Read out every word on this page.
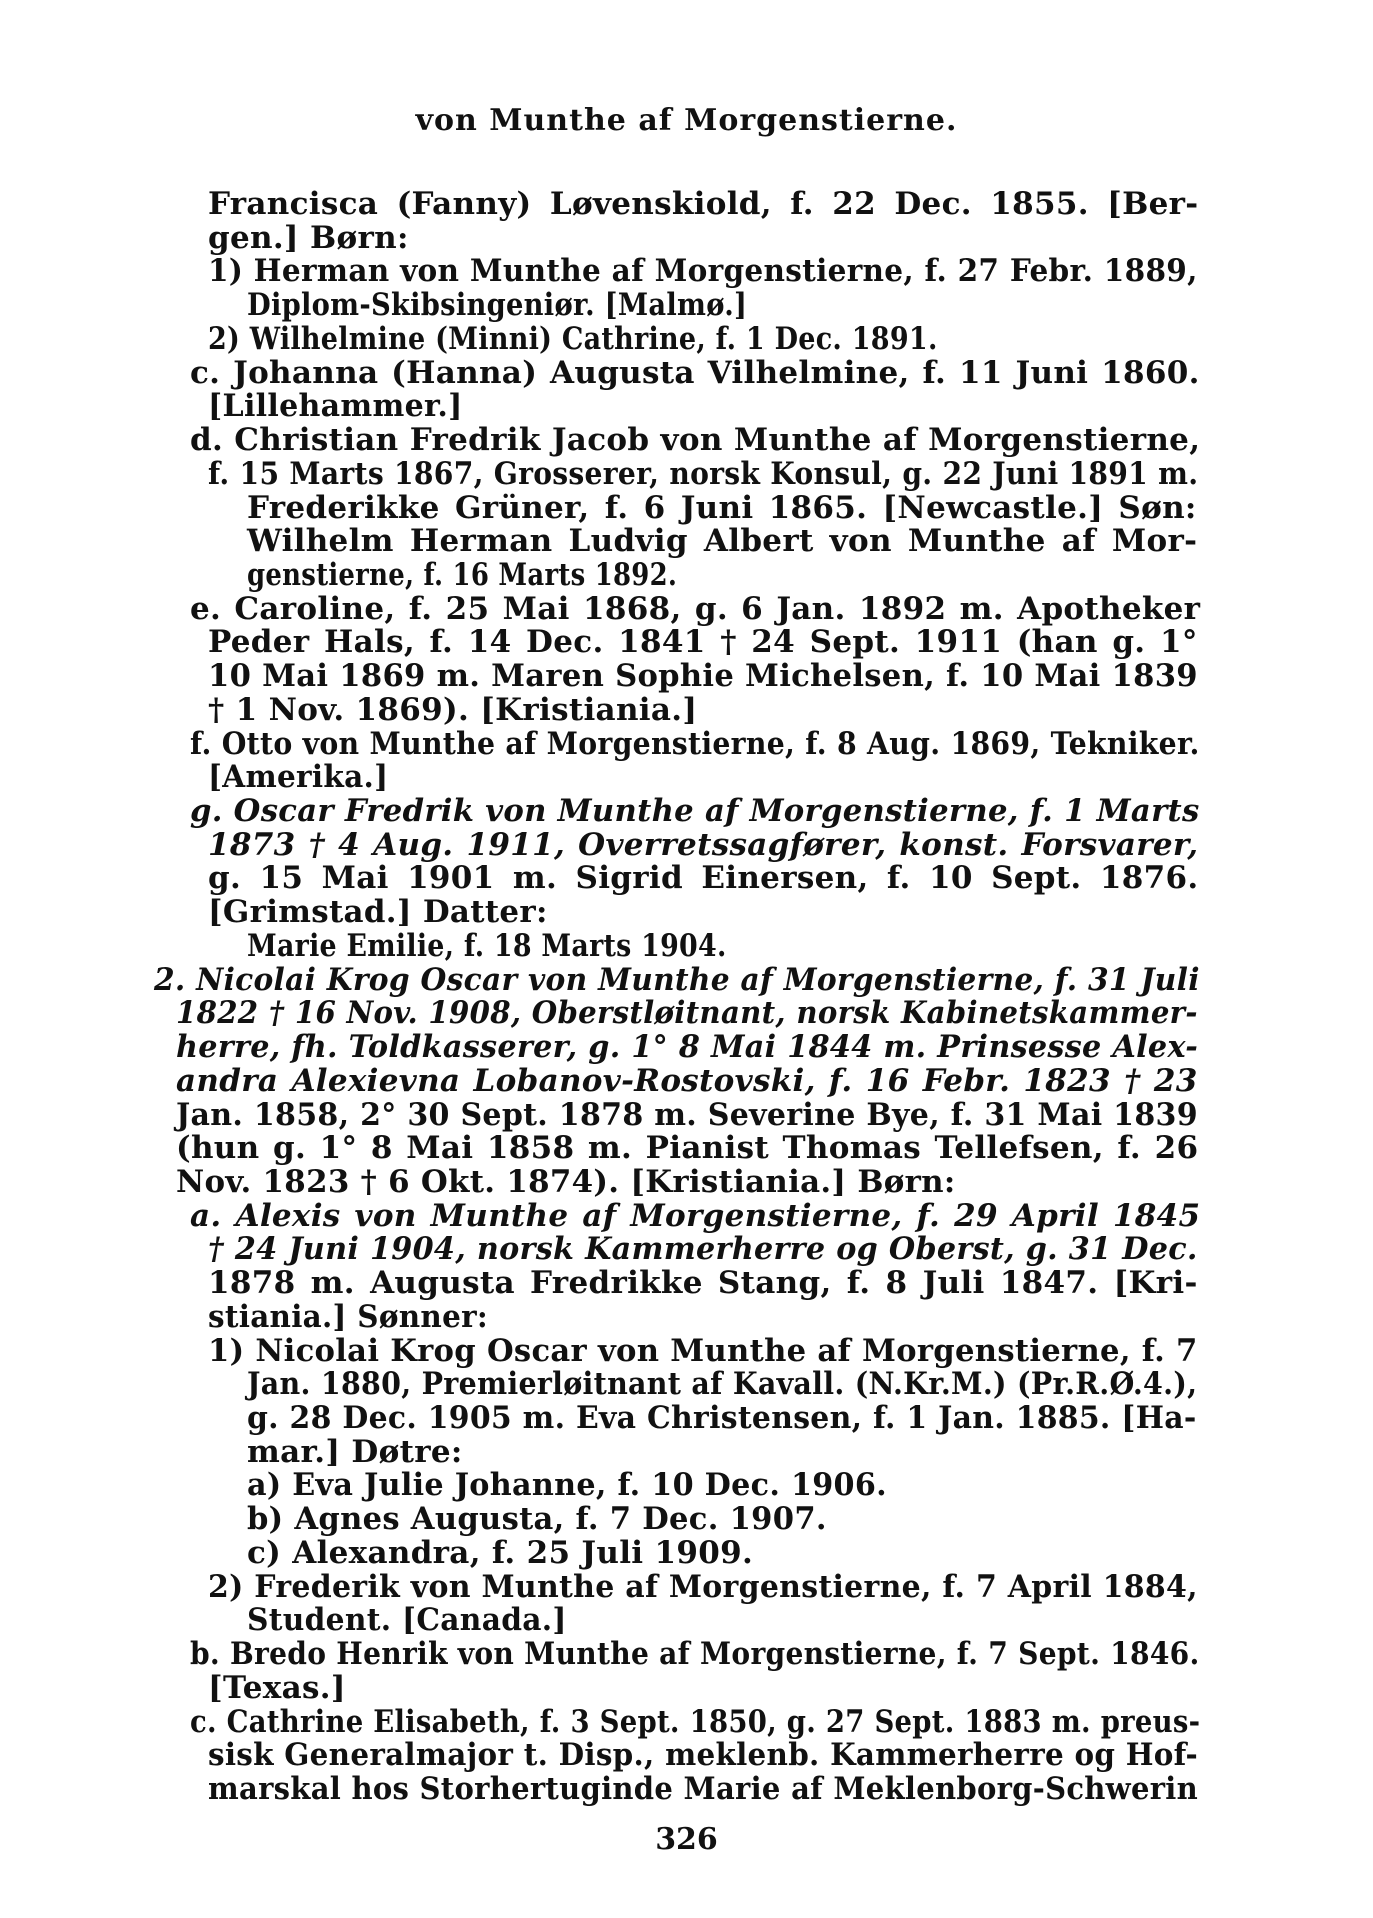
von Munthe af Morgenstierne.
Francisca (Fanny) Løvenskiold, f. 22 Dec. 1855. [Ber-
gen.] Børn:
1) Herman von Munthe af Morgenstierne, f. 27 Febr. 1889,
Diplom-Skibsingeniør. [Malmø.]
2) Wilhelmine (Minni) Cathrine, f. 1 Dec. 1891.
c. Johanna (Hanna) Augusta Vilhelmine, f. 11 Juni 1860.
[Lillehammer.]
d. Christian Fredrik Jacob von Munthe af Morgenstierne,
f. 15 Marts 1867, Grosserer, norsk Konsul, g. 22 Juni 1891 m.
Frederikke Grüner, f. 6 Juni 1865. [Newcastle.] Søn:
Wilhelm Herman Ludvig Albert von Munthe af Mor-
genstierne, f. 16 Marts 1892.
e. Caroline, f. 25 Mai 1868, g. 6 Jan. 1892 m. Apotheker
Peder Hals, f. 14 Dec. 1841 † 24 Sept. 1911 (han g. 1°
10 Mai 1869 m. Maren Sophie Michelsen, f. 10 Mai 1839
† 1 Nov. 1869). [Kristiania.]
f. Otto von Munthe af Morgenstierne, f. 8 Aug. 1869, Tekniker.
[Amerika.]
g. Oscar Fredrik von Munthe af Morgenstierne, f. 1 Marts
1873 † 4 Aug. 1911, Overretssagfører, konst. Forsvarer,
g. 15 Mai 1901 m. Sigrid Einersen, f. 10 Sept. 1876.
[Grimstad.] Datter:
Marie Emilie, f. 18 Marts 1904.
2. Nicolai Krog Oscar von Munthe af Morgenstierne, f. 31 Juli
1822 † 16 Nov. 1908, Oberstløitnant, norsk Kabinetskammer-
herre, fh. Toldkasserer, g. 1° 8 Mai 1844 m. Prinsesse Alex-
andra Alexievna Lobanov-Rostovski, f. 16 Febr. 1823 † 23
Jan. 1858, 2° 30 Sept. 1878 m. Severine Bye, f. 31 Mai 1839
(hun g. 1° 8 Mai 1858 m. Pianist Thomas Tellefsen, f. 26
Nov. 1823 † 6 Okt. 1874). [Kristiania.] Børn:
a. Alexis von Munthe af Morgenstierne, f. 29 April 1845
† 24 Juni 1904, norsk Kammerherre og Oberst, g. 31 Dec.
1878 m. Augusta Fredrikke Stang, f. 8 Juli 1847. [Kri-
stiania.] Sønner:
1) Nicolai Krog Oscar von Munthe af Morgenstierne, f. 7
Jan. 1880, Premierløitnant af Kavall. (N.Kr.M.) (Pr.R.Ø.4.),
g. 28 Dec. 1905 m. Eva Christensen, f. 1 Jan. 1885. [Ha-
mar.] Døtre:
a) Eva Julie Johanne, f. 10 Dec. 1906.
b) Agnes Augusta, f. 7 Dec. 1907.
c) Alexandra, f. 25 Juli 1909.
2) Frederik von Munthe af Morgenstierne, f. 7 April 1884,
Student. [Canada.]
b. Bredo Henrik von Munthe af Morgenstierne, f. 7 Sept. 1846.
[Texas.]
c. Cathrine Elisabeth, f. 3 Sept. 1850, g. 27 Sept. 1883 m. preus-
sisk Generalmajor t. Disp., meklenb. Kammerherre og Hof-
marskal hos Storhertuginde Marie af Meklenborg-Schwerin
326
